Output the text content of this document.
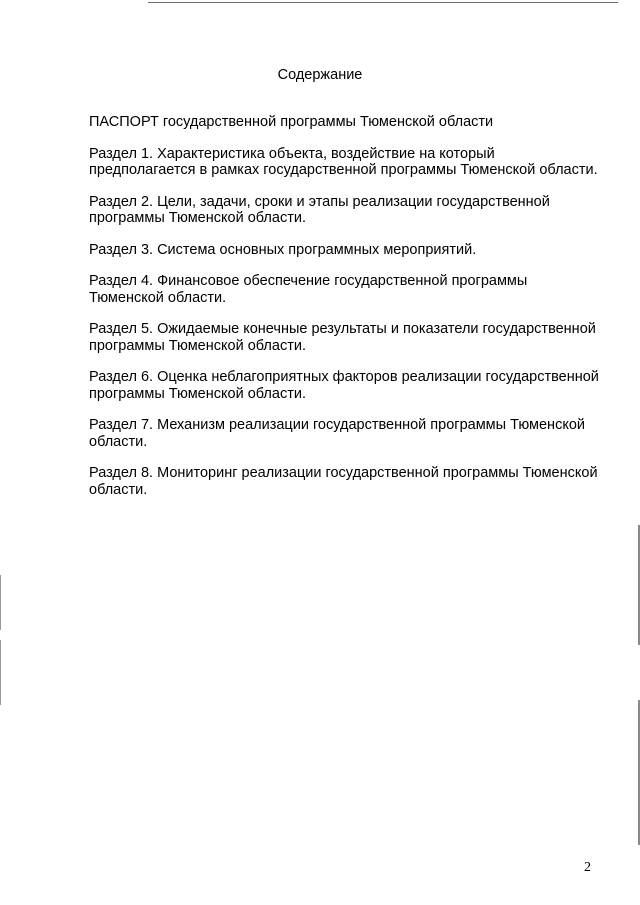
Содержание

ПАСПОРТ государственной программы Тюменской области

Раздел 1. Характеристика объекта, воздействие на который предполагается в рамках государственной программы Тюменской области.

Раздел 2. Цели, задачи, сроки и этапы реализации государственной программы Тюменской области.

Раздел 3. Система основных программных мероприятий.

Раздел 4. Финансовое обеспечение государственной программы Тюменской области.

Раздел 5. Ожидаемые конечные результаты и показатели государственной программы Тюменской области.

Раздел 6. Оценка неблагоприятных факторов реализации государственной программы Тюменской области.

Раздел 7. Механизм реализации государственной программы Тюменской области.

Раздел 8. Мониторинг реализации государственной программы Тюменской области.

2
